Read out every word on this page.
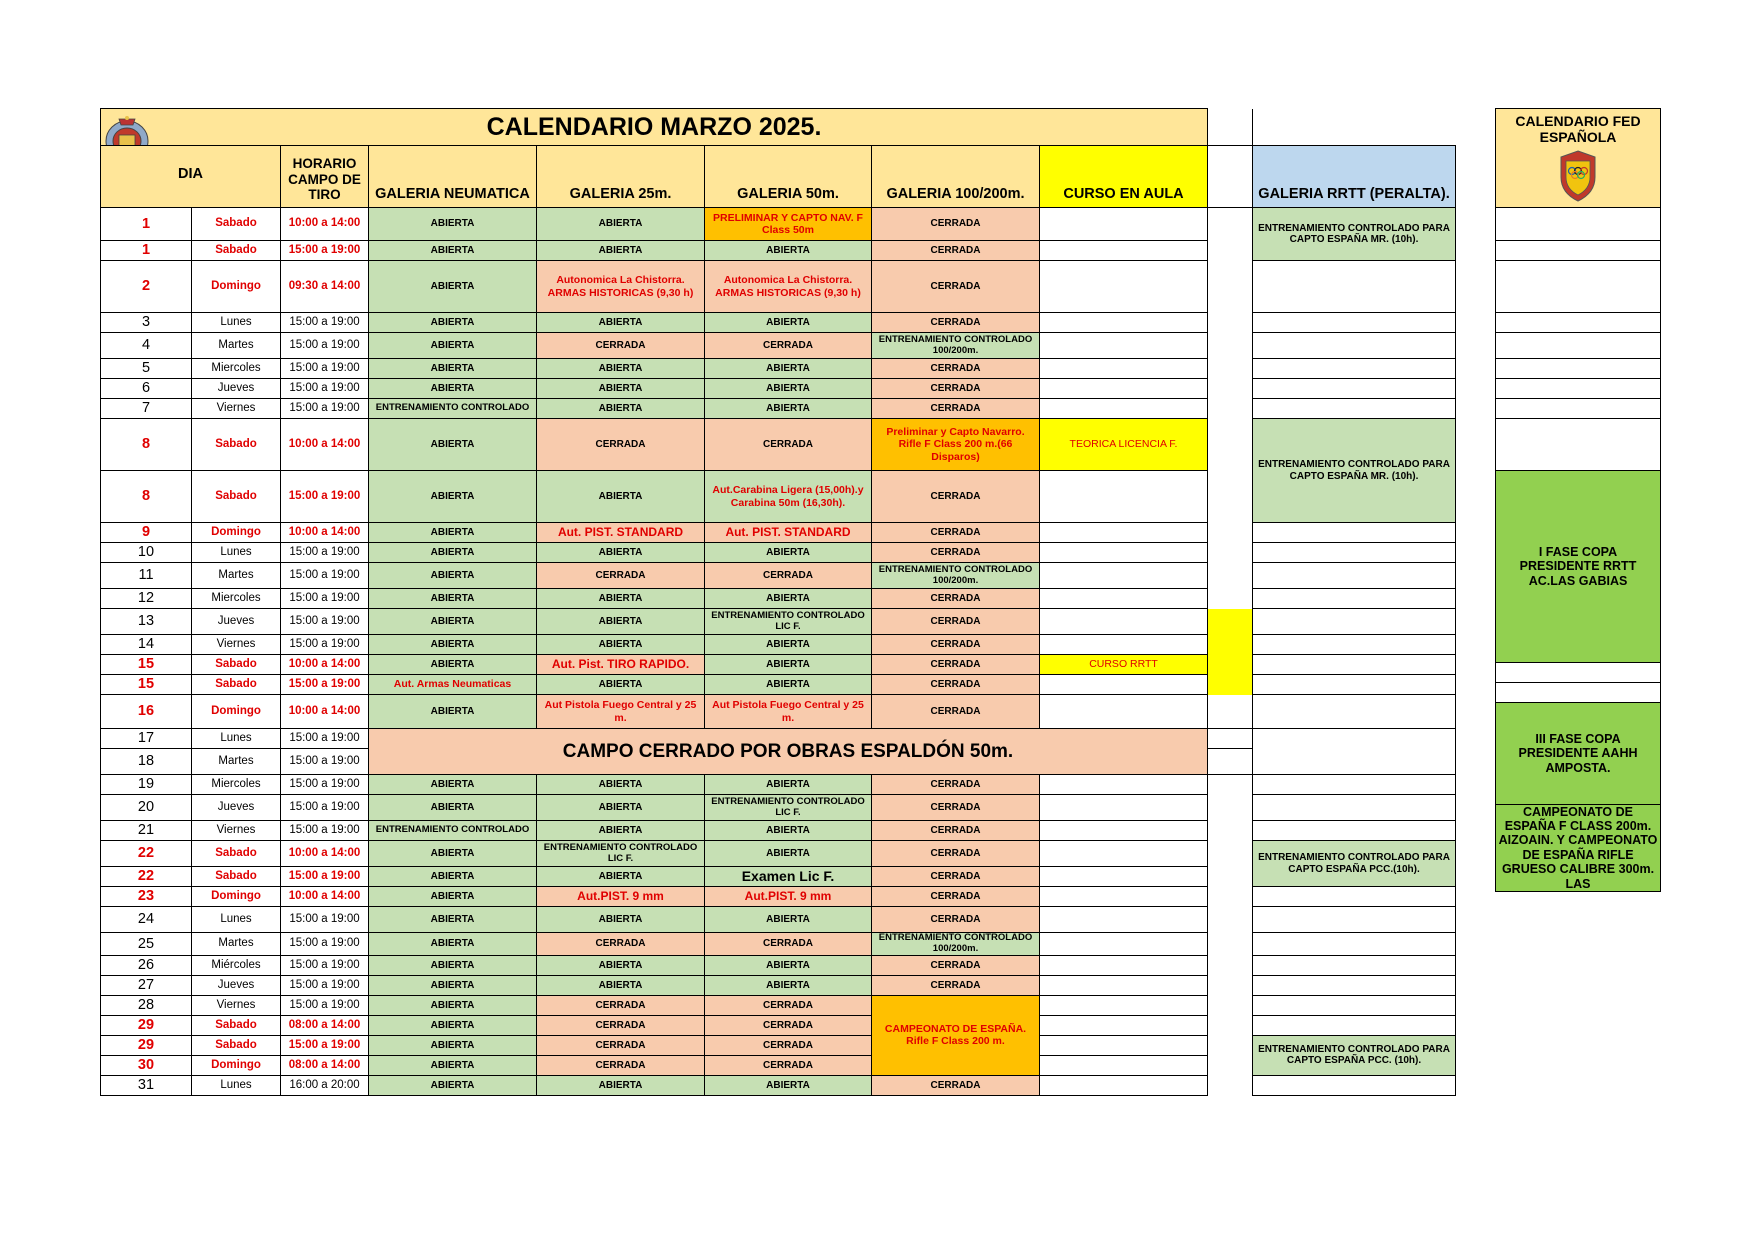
CALENDARIO MARZO 2025.										
DIA		HORARIO CAMPO DE TIRO	GALERIA NEUMATICA	GALERIA 25m.	GALERIA 50m.	GALERIA 100/200m.	CURSO EN AULA		GALERIA RRTT (PERALTA).	
1	Sabado	10:00 a 14:00	ABIERTA	ABIERTA	PRELIMINAR Y CAPTO NAV. F Class 50m	CERRADA			ENTRENAMIENTO CONTROLADO PARA CAPTO ESPAÑA MR. (10h).	
1	Sabado	15:00 a 19:00	ABIERTA	ABIERTA	ABIERTA	CERRADA				
2	Domingo	09:30 a 14:00	ABIERTA	Autonomica La Chistorra. ARMAS HISTORICAS (9,30 h)	Autonomica La Chistorra. ARMAS HISTORICAS (9,30 h)	CERRADA				
3	Lunes	15:00 a 19:00	ABIERTA	ABIERTA	ABIERTA	CERRADA				
4	Martes	15:00 a 19:00	ABIERTA	CERRADA	CERRADA	ENTRENAMIENTO CONTROLADO 100/200m.				
5	Miercoles	15:00 a 19:00	ABIERTA	ABIERTA	ABIERTA	CERRADA				
6	Jueves	15:00 a 19:00	ABIERTA	ABIERTA	ABIERTA	CERRADA				
7	Viernes	15:00 a 19:00	ENTRENAMIENTO CONTROLADO	ABIERTA	ABIERTA	CERRADA				
8	Sabado	10:00 a 14:00	ABIERTA	CERRADA	CERRADA	Preliminar y Capto Navarro. Rifle F Class 200 m.(66 Disparos)	TEORICA LICENCIA F.		ENTRENAMIENTO CONTROLADO PARA CAPTO ESPAÑA MR. (10h).	
8	Sabado	15:00 a 19:00	ABIERTA	ABIERTA	Aut.Carabina Ligera (15,00h).y Carabina 50m (16,30h).	CERRADA				
9	Domingo	10:00 a 14:00	ABIERTA	Aut. PIST. STANDARD	Aut. PIST. STANDARD	CERRADA				
10	Lunes	15:00 a 19:00	ABIERTA	ABIERTA	ABIERTA	CERRADA				
11	Martes	15:00 a 19:00	ABIERTA	CERRADA	CERRADA	ENTRENAMIENTO CONTROLADO 100/200m.				
12	Miercoles	15:00 a 19:00	ABIERTA	ABIERTA	ABIERTA	CERRADA				
13	Jueves	15:00 a 19:00	ABIERTA	ABIERTA	ENTRENAMIENTO CONTROLADO LIC F.	CERRADA				
14	Viernes	15:00 a 19:00	ABIERTA	ABIERTA	ABIERTA	CERRADA				
15	Sabado	10:00 a 14:00	ABIERTA	Aut. Pist. TIRO RAPIDO.	ABIERTA	CERRADA	CURSO RRTT			
15	Sabado	15:00 a 19:00	Aut. Armas Neumaticas	ABIERTA	ABIERTA	CERRADA				
16	Domingo	10:00 a 14:00	ABIERTA	Aut Pistola Fuego Central y 25 m.	Aut Pistola Fuego Central y 25 m.	CERRADA				
17	Lunes	15:00 a 19:00	CAMPO CERRADO POR OBRAS ESPALDÓN 50m.							
18	Martes	15:00 a 19:00								
19	Miercoles	15:00 a 19:00	ABIERTA	ABIERTA	ABIERTA	CERRADA				
20	Jueves	15:00 a 19:00	ABIERTA	ABIERTA	ENTRENAMIENTO CONTROLADO LIC F.	CERRADA				
21	Viernes	15:00 a 19:00	ENTRENAMIENTO CONTROLADO	ABIERTA	ABIERTA	CERRADA				
22	Sabado	10:00 a 14:00	ABIERTA	ENTRENAMIENTO CONTROLADO LIC F.	ABIERTA	CERRADA			ENTRENAMIENTO CONTROLADO PARA CAPTO ESPAÑA PCC.(10h).	
22	Sabado	15:00 a 19:00	ABIERTA	ABIERTA	Examen Lic F.	CERRADA				
23	Domingo	10:00 a 14:00	ABIERTA	Aut.PIST. 9 mm	Aut.PIST. 9 mm	CERRADA				
24	Lunes	15:00 a 19:00	ABIERTA	ABIERTA	ABIERTA	CERRADA				
25	Martes	15:00 a 19:00	ABIERTA	CERRADA	CERRADA	ENTRENAMIENTO CONTROLADO 100/200m.				
26	Miércoles	15:00 a 19:00	ABIERTA	ABIERTA	ABIERTA	CERRADA				
27	Jueves	15:00 a 19:00	ABIERTA	ABIERTA	ABIERTA	CERRADA				
28	Viernes	15:00 a 19:00	ABIERTA	CERRADA	CERRADA	CAMPEONATO DE ESPAÑA. Rifle F Class 200 m.				
29	Sabado	08:00 a 14:00	ABIERTA	CERRADA	CERRADA					
29	Sabado	15:00 a 19:00	ABIERTA	CERRADA	CERRADA				ENTRENAMIENTO CONTROLADO PARA CAPTO ESPAÑA PCC. (10h).	
30	Domingo	08:00 a 14:00	ABIERTA	CERRADA	CERRADA					
31	Lunes	16:00 a 20:00	ABIERTA	ABIERTA	ABIERTA	CERRADA				
CALENDARIO FED ESPAÑOLA

I FASE COPA PRESIDENTE RRTT AC.LAS GABIAS

III FASE COPA PRESIDENTE AAHH AMPOSTA.

CAMPEONATO DE ESPAÑA F CLASS 200m. AIZOAIN. Y CAMPEONATO DE ESPAÑA RIFLE GRUESO CALIBRE 300m. LAS
